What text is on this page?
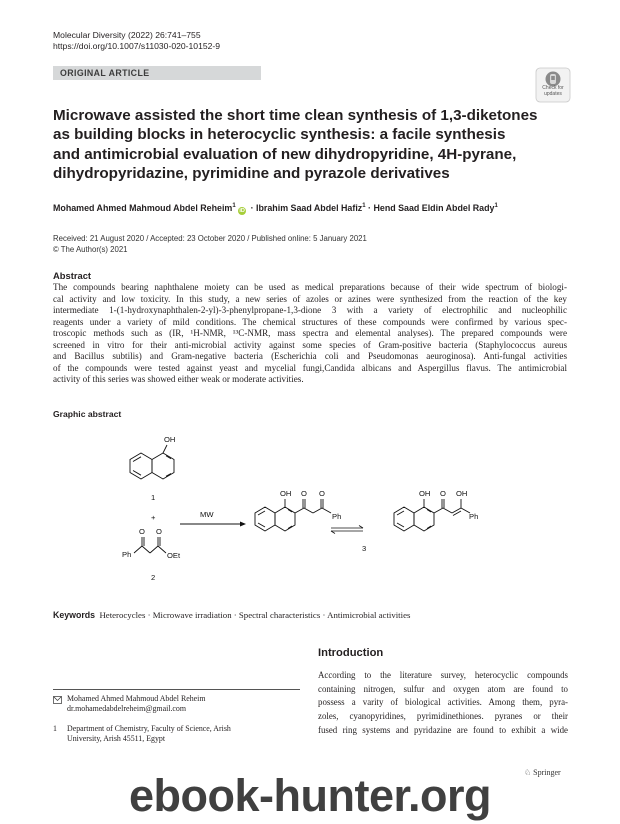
Molecular Diversity (2022) 26:741–755
https://doi.org/10.1007/s11030-020-10152-9
ORIGINAL ARTICLE
Check for
updates
Microwave assisted the short time clean synthesis of 1,3-diketones
as building blocks in heterocyclic synthesis: a facile synthesis
and antimicrobial evaluation of new dihydropyridine, 4H-pyrane,
dihydropyridazine, pyrimidine and pyrazole derivatives
Mohamed Ahmed Mahmoud Abdel Reheim$^1$ iD · Ibrahim Saad Abdel Hafiz$^1$ · Hend Saad Eldin Abdel Rady$^1$
Received: 21 August 2020 / Accepted: 23 October 2020 / Published online: 5 January 2021
© The Author(s) 2021
Abstract
The compounds bearing naphthalene moiety can be used as medical preparations because of their wide spectrum of biologi-
cal activity and low toxicity. In this study, a new series of azoles or azines were synthesized from the reaction of the key
intermediate 1-(1-hydroxynaphthalen-2-yl)-3-phenylpropane-1,3-dione 3 with a variety of electrophilic and nucleophilic
reagents under a variety of mild conditions. The chemical structures of these compounds were confirmed by various spec-
troscopic methods such as (IR, ¹H-NMR, ¹³C-NMR, mass spectra and elemental analyses). The prepared compounds were
screened in vitro for their anti-microbial activity against some species of Gram-positive bacteria (Staphylococcus aureus
and Bacillus subtilis) and Gram-negative bacteria (Escherichia coli and Pseudomonas aeuroginosa). Anti-fungal activities
of the compounds were tested against yeast and mycelial fungi,Candida albicans and Aspergillus flavus. The antimicrobial
activity of this series was showed either weak or moderate activities.
Graphic abstract
OH
1
+
O O
Ph	OEt
2
MW
OH O O
Ph
3
OH O OH
Ph
Keywords Heterocycles · Microwave irradiation · Spectral characteristics · Antimicrobial activities
Introduction
According to the literature survey, heterocyclic compounds
containing nitrogen, sulfur and oxygen atom are found to
possess a varity of biological activities. Among them, pyra-
zoles, cyanopyridines, pyrimidinethiones. pyranes or their
fused ring systems and pyridazine are found to exhibit a wide
Mohamed Ahmed Mahmoud Abdel Reheim
dr.mohamedabdelreheim@gmail.com
1 Department of Chemistry, Faculty of Science, Arish
University, Arish 45511, Egypt
♘ Springer
ebook-hunter.org
